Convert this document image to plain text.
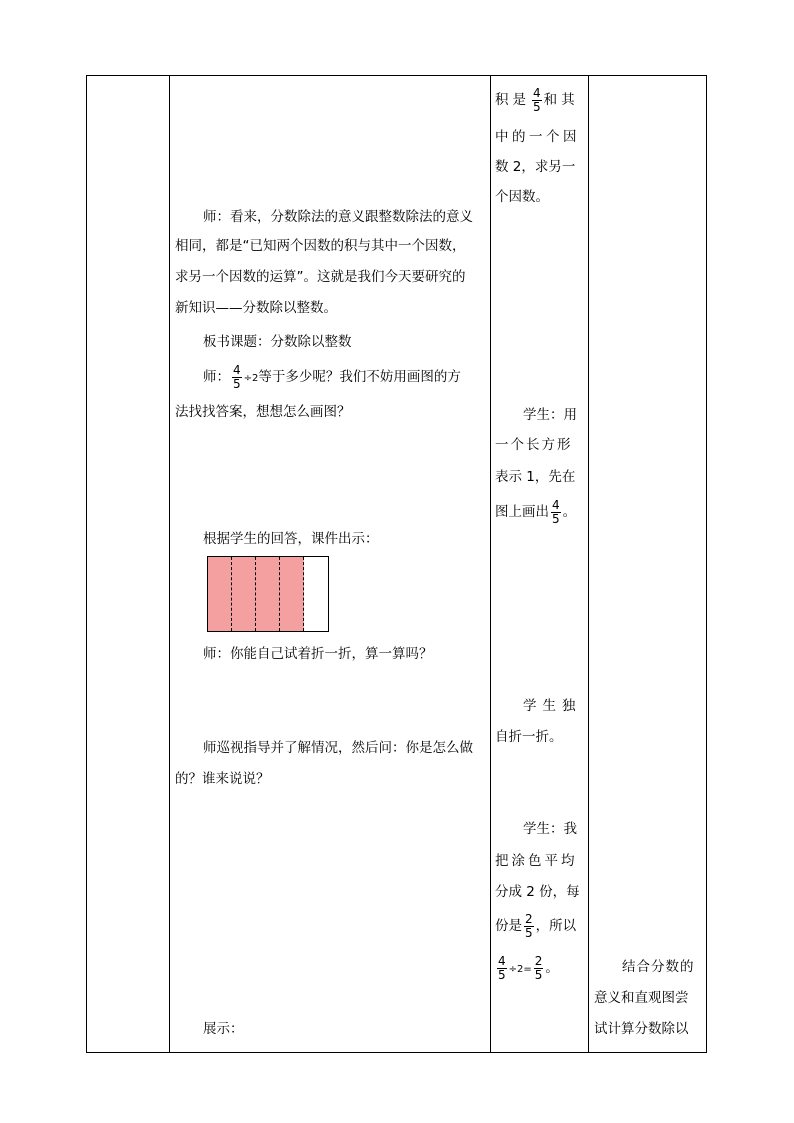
师：看来，分数除法的意义跟整数除法的意义
相同，都是“已知两个因数的积与其中一个因数，
求另一个因数的运算”。这就是我们今天要研究的
新知识——分数除以整数。
板书课题：分数除以整数
师： $\frac{4}{5} \div 2$等于多少呢？我们不妨用画图的方
法找找答案，想想怎么画图？
根据学生的回答，课件出示：
师：你能自己试着折一折，算一算吗？
师巡视指导并了解情况，然后问：你是怎么做
的？谁来说说？
展示：
积是 $\frac{4}{5}$ 和其
中的一个因
数 2，求另一
个因数。
学生：用
一个长方形
表示 1，先在
图上画出 $\frac{4}{5}$ 。
学生独
自折一折。
学生：我
把涂色平均
分成 2 份，每
份是 $\frac{2}{5}$ ，所以
$\frac{4}{5} \div 2= \frac{2}{5}$ 。	结合分数的
意义和直观图尝
试计算分数除以
